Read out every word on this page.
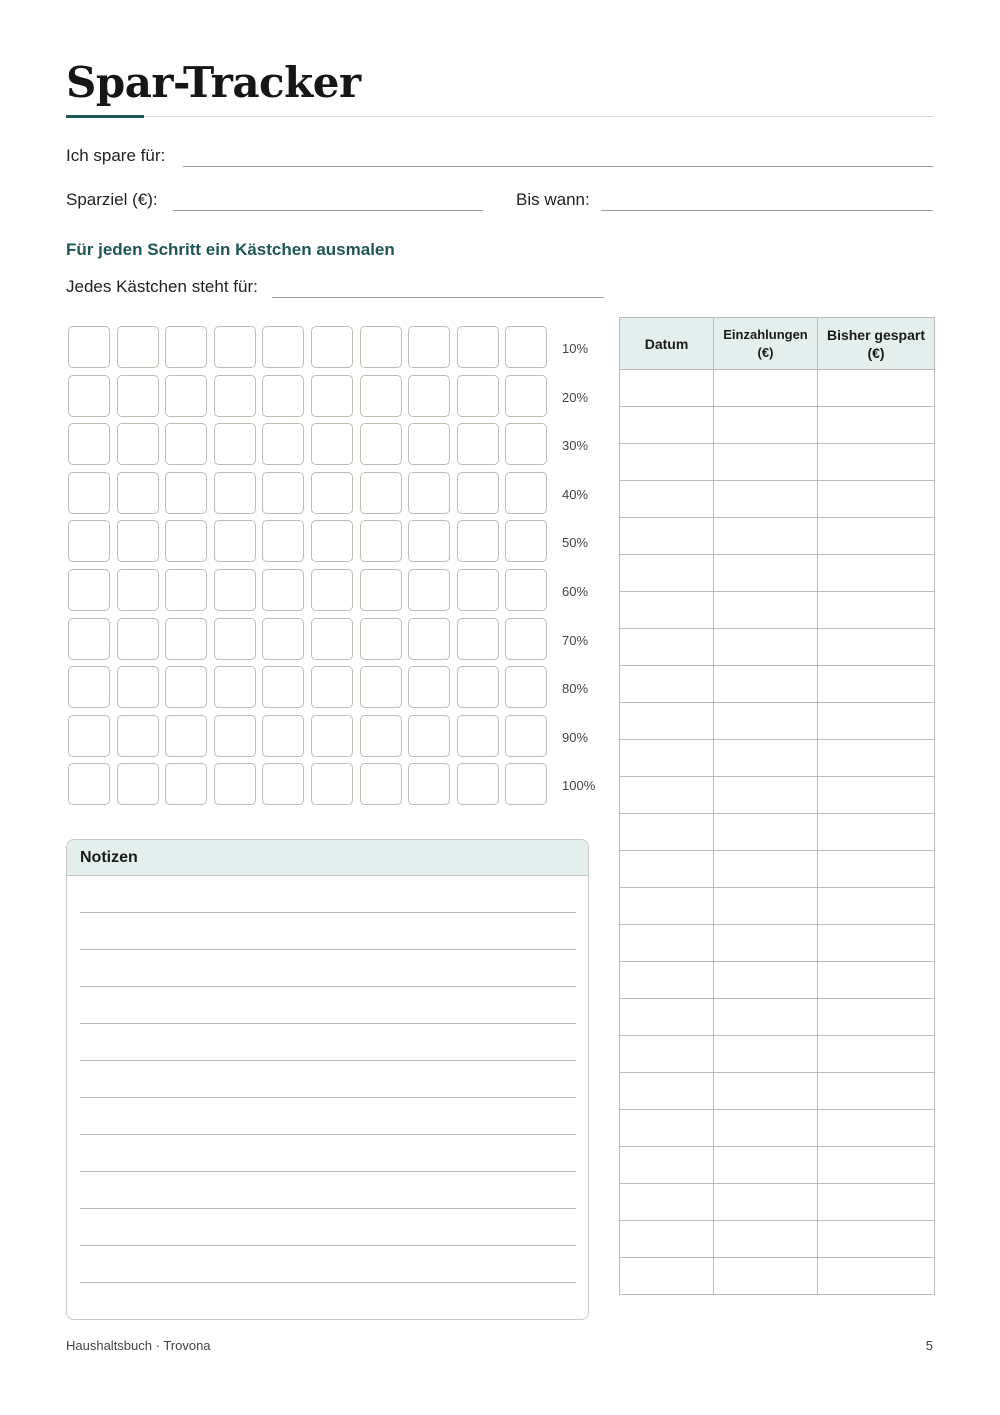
Spar-Tracker
Ich spare für:
Sparziel (€):	Bis wann:
Für jeden Schritt ein Kästchen ausmalen
Jedes Kästchen steht für:
10%
20%
30%
40%
50%
60%
70%
80%
90%
100%
Notizen
Datum	Einzahlungen (€)	Bisher gespart (€)

Haushaltsbuch · Trovona	5
